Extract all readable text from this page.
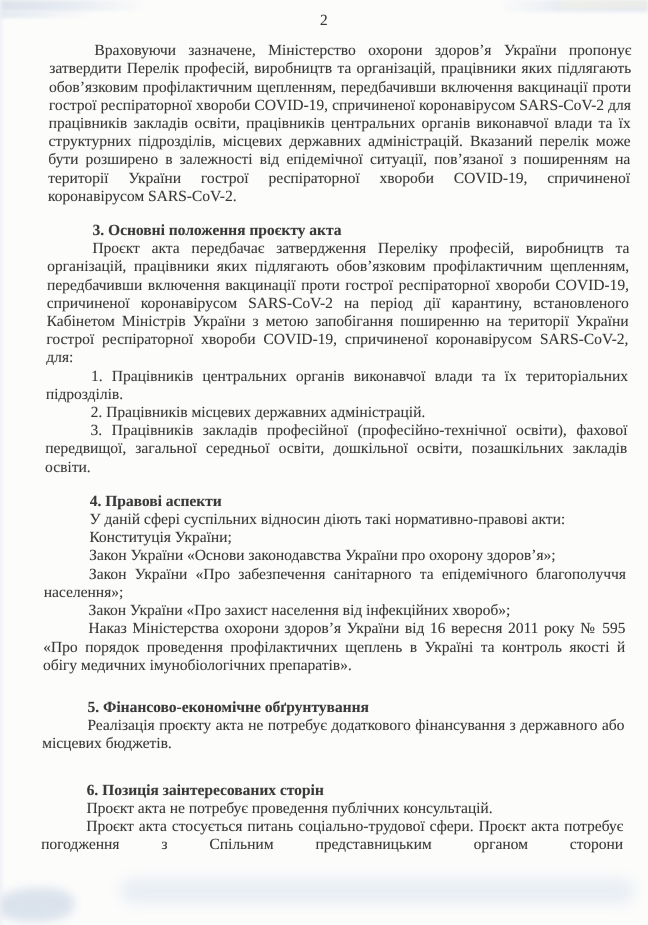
2

Враховуючи зазначене, Міністерство охорони здоров’я України пропонує затвердити Перелік професій, виробництв та організацій, працівники яких підлягають обов’язковим профілактичним щепленням, передбачивши включення вакцинації проти гострої респіраторної хвороби COVID-19, спричиненої коронавірусом SARS-CoV-2 для працівників закладів освіти, працівників центральних органів виконавчої влади та їх структурних підрозділів, місцевих державних адміністрацій. Вказаний перелік може бути розширено в залежності від епідемічної ситуації, пов’язаної з поширенням на території України гострої респіраторної хвороби COVID-19, спричиненої коронавірусом SARS-CoV-2.

3. Основні положення проєкту акта

Проєкт акта передбачає затвердження Переліку професій, виробництв та організацій, працівники яких підлягають обов’язковим профілактичним щепленням, передбачивши включення вакцинації проти гострої респіраторної хвороби COVID-19, спричиненої коронавірусом SARS-CoV-2 на період дії карантину, встановленого Кабінетом Міністрів України з метою запобігання поширенню на території України гострої респіраторної хвороби COVID-19, спричиненої коронавірусом SARS-CoV-2, для:

1. Працівників центральних органів виконавчої влади та їх територіальних підрозділів.

2. Працівників місцевих державних адміністрацій.

3. Працівників закладів професійної (професійно-технічної освіти), фахової передвищої, загальної середньої освіти, дошкільної освіти, позашкільних закладів освіти.

4. Правові аспекти

У даній сфері суспільних відносин діють такі нормативно-правові акти:

Конституція України;

Закон України «Основи законодавства України про охорону здоров’я»;

Закон України «Про забезпечення санітарного та епідемічного благополуччя населення»;

Закон України «Про захист населення від інфекційних хвороб»;

Наказ Міністерства охорони здоров’я України від 16 вересня 2011 року № 595 «Про порядок проведення профілактичних щеплень в Україні та контроль якості й обігу медичних імунобіологічних препаратів».

5. Фінансово-економічне обґрунтування

Реалізація проєкту акта не потребує додаткового фінансування з державного або місцевих бюджетів.

6. Позиція заінтересованих сторін

Проєкт акта не потребує проведення публічних консультацій.

Проєкт акта стосується питань соціально-трудової сфери. Проєкт акта потребує погодження з Спільним представницьким органом сторони
